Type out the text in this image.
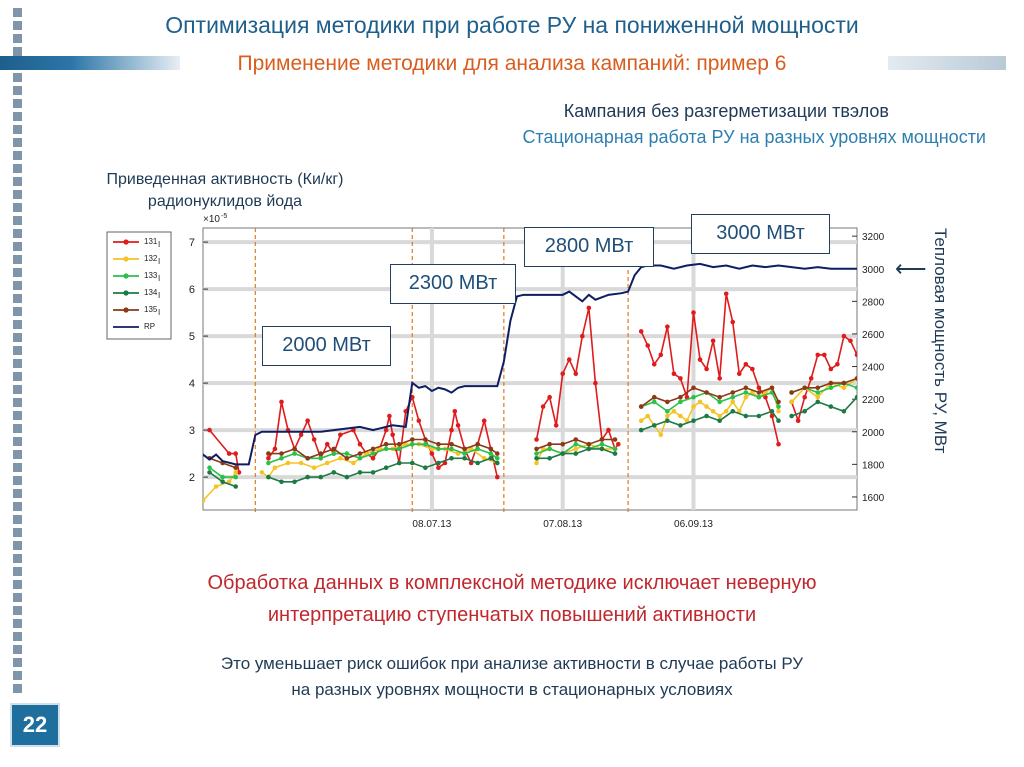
Оптимизация методики при работе РУ на пониженной мощности
Применение методики для анализа кампаний: пример 6
Кампания без разгерметизации твэлов
Стационарная работа РУ на разных уровнях мощности
Приведенная активность (Ки/кг)
радионуклидов йода
2
3
4
5
6
7
×10 -5
1600
1800
2000
2200
2400
2600
2800
3000
3200
08.07.13	07.08.13	06.09.13
131 I
132 I
133 I
134 I
135 I
RP
2000 МВт
2300 МВт
2800 МВт
3000 МВт
⟵ Тепловая мощность РУ, МВт
Обработка данных в комплексной методике исключает неверную
интерпретацию ступенчатых повышений активности
Это уменьшает риск ошибок при анализе активности в случае работы РУ
на разных уровнях мощности в стационарных условиях
22
